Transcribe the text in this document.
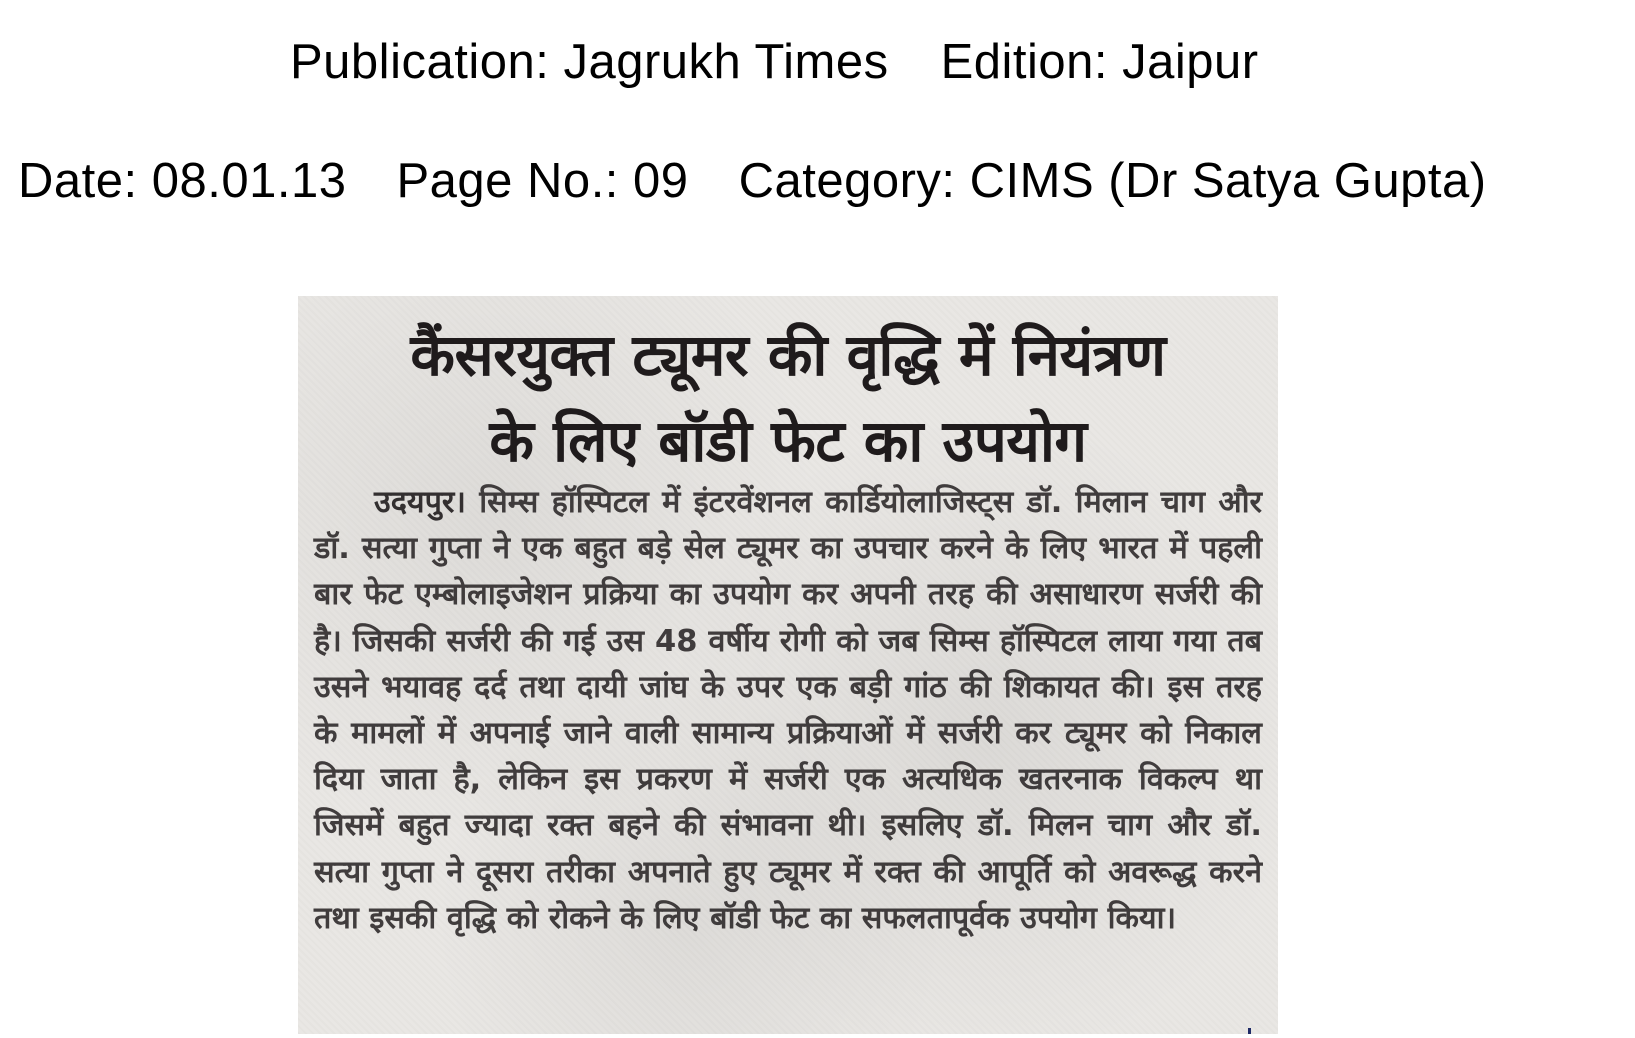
Publication: Jagrukh Times Edition: Jaipur
Date: 08.01.13 Page No.: 09 Category: CIMS (Dr Satya Gupta)
कैंसरयुक्त ट्यूमर की वृद्धि में नियंत्रण
के लिए बॉडी फेट का उपयोग
उदयपुर। सिम्स हॉस्पिटल में इंटरवेंशनल कार्डियोलाजिस्ट्स डॉ. मिलान चाग और डॉ. सत्या गुप्ता ने एक बहुत बड़े सेल ट्यूमर का उपचार करने के लिए भारत में पहली बार फेट एम्बोलाइजेशन प्रक्रिया का उपयोग कर अपनी तरह की असाधारण सर्जरी की है। जिसकी सर्जरी की गई उस 48 वर्षीय रोगी को जब सिम्स हॉस्पिटल लाया गया तब उसने भयावह दर्द तथा दायी जांघ के उपर एक बड़ी गांठ की शिकायत की। इस तरह के मामलों में अपनाई जाने वाली सामान्य प्रक्रियाओं में सर्जरी कर ट्यूमर को निकाल दिया जाता है, लेकिन इस प्रकरण में सर्जरी एक अत्यधिक खतरनाक विकल्प था जिसमें बहुत ज्यादा रक्त बहने की संभावना थी। इसलिए डॉ. मिलन चाग और डॉ. सत्या गुप्ता ने दूसरा तरीका अपनाते हुए ट्यूमर में रक्त की आपूर्ति को अवरूद्ध करने तथा इसकी वृद्धि को रोकने के लिए बॉडी फेट का सफलतापूर्वक उपयोग किया।
